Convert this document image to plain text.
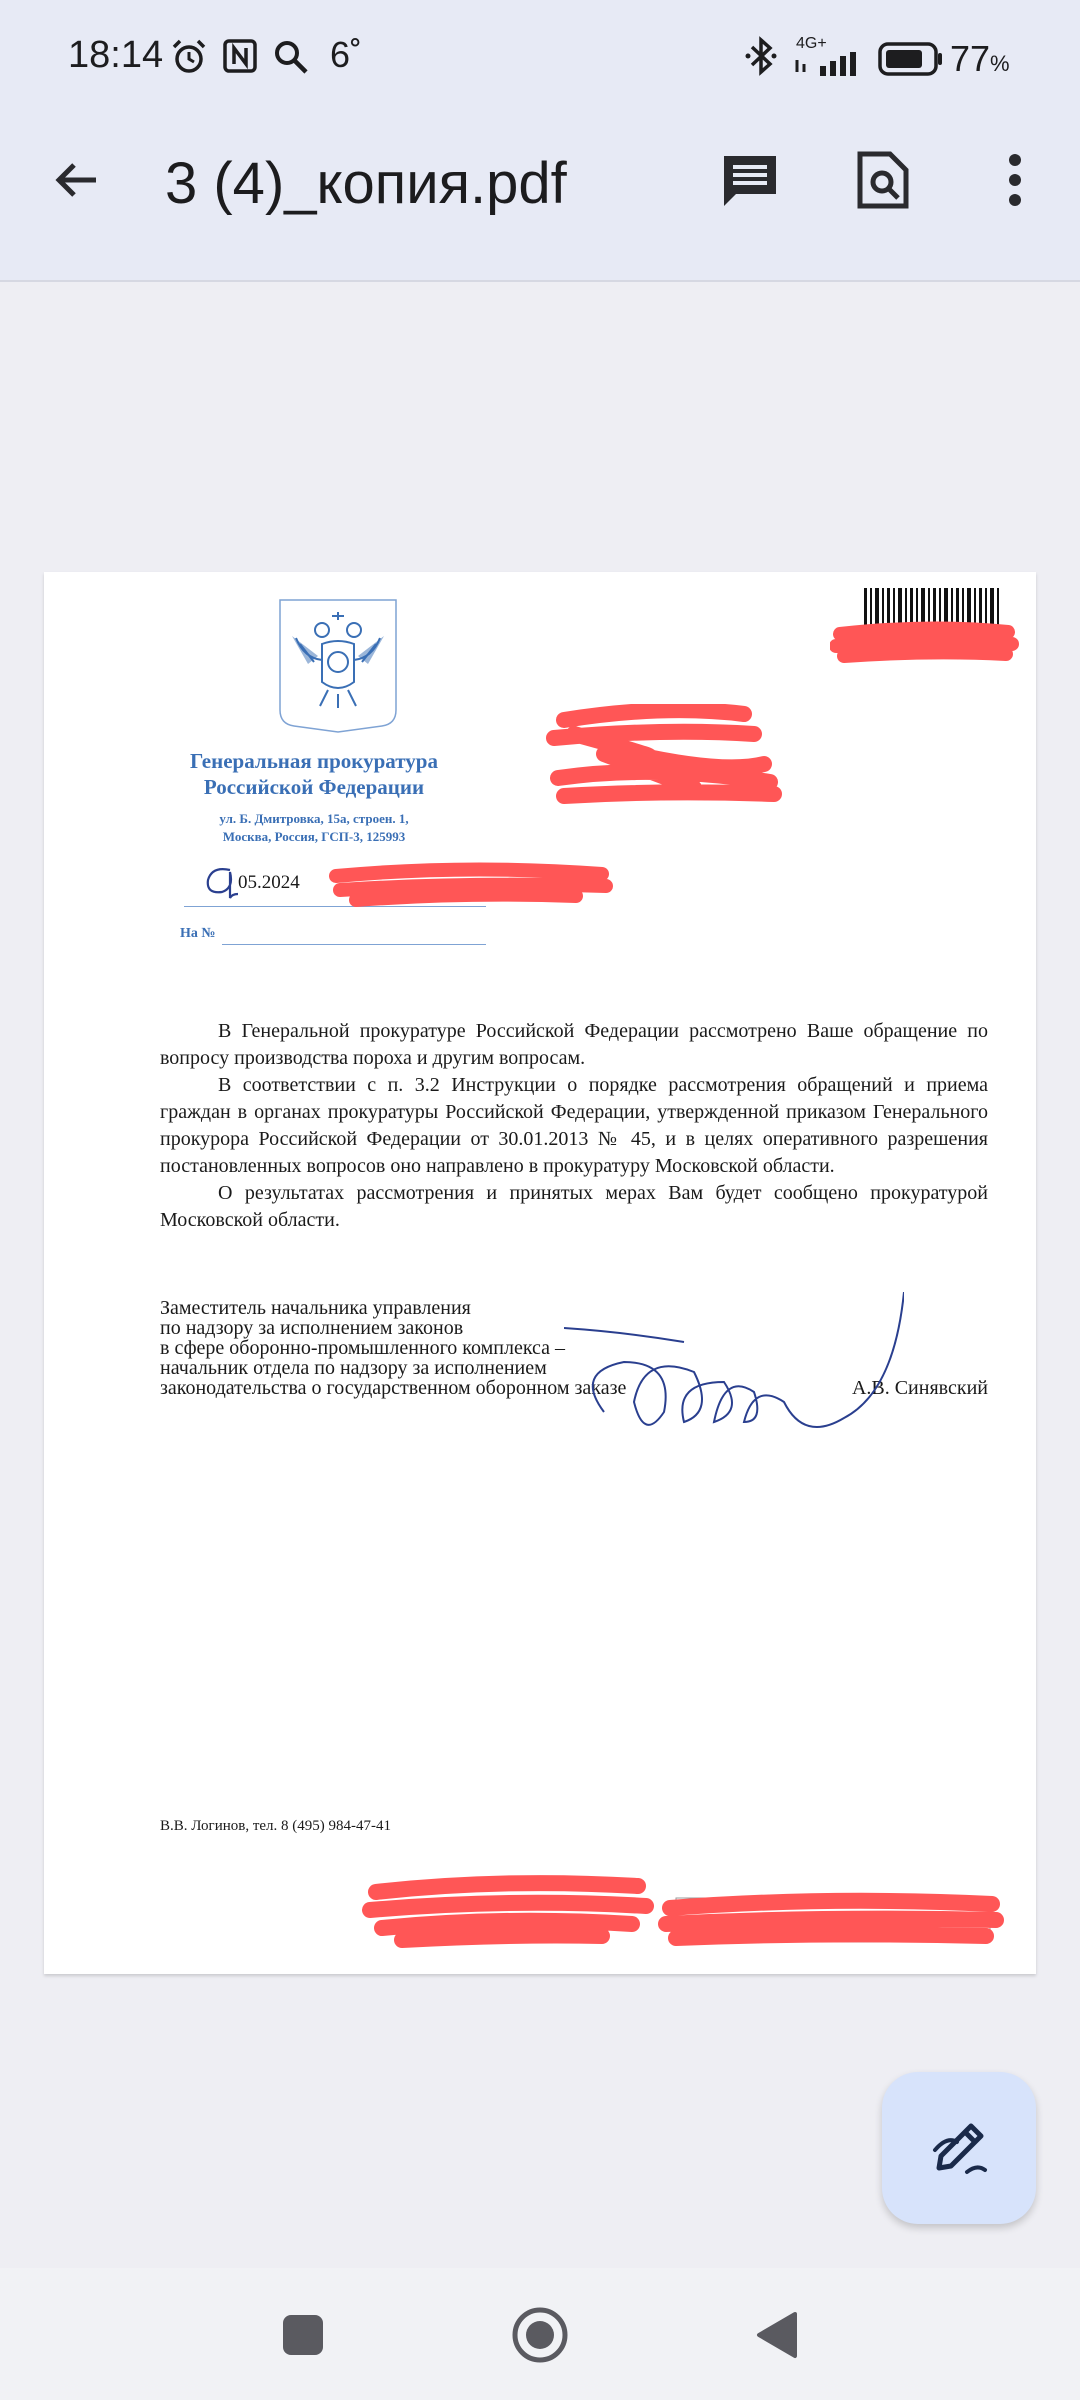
18:14	6˚	4G+	77%
3 (4)_копия.pdf
Генеральная прокуратура
Российской Федерации
ул. Б. Дмитровка, 15а, строен. 1,
Москва, Россия, ГСП-3, 125993
05.2024
На №

В Генеральной прокуратуре Российской Федерации рассмотрено Ваше обращение по вопросу производства пороха и другим вопросам.

В соответствии с п. 3.2 Инструкции о порядке рассмотрения обращений и приема граждан в органах прокуратуры Российской Федерации, утвержденной приказом Генерального прокурора Российской Федерации от 30.01.2013 № 45, и в целях оперативного разрешения постановленных вопросов оно направлено в прокуратуру Московской области.

О результатах рассмотрения и принятых мерах Вам будет сообщено прокуратурой Московской области.

Заместитель начальника управления
по надзору за исполнением законов
в сфере оборонно-промышленного комплекса –
начальник отдела по надзору за исполнением
законодательства о государственном оборонном заказе	А.В. Синявский
В.В. Логинов, тел. 8 (495) 984-47-41
